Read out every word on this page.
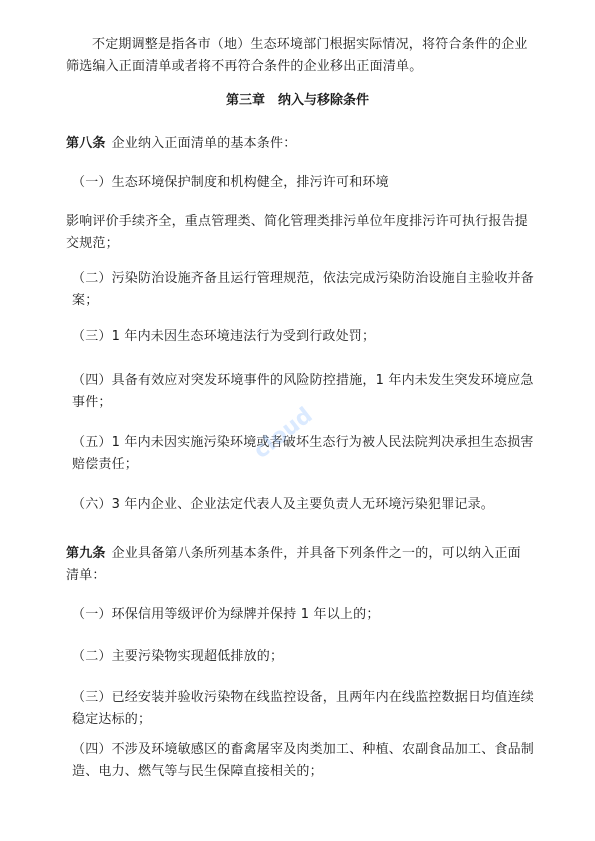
不定期调整是指各市（地）生态环境部门根据实际情况，将符合条件的企业筛选编入正面清单或者将不再符合条件的企业移出正面清单。

第三章　纳入与移除条件

第八条 企业纳入正面清单的基本条件：

（一）生态环境保护制度和机构健全，排污许可和环境

影响评价手续齐全，重点管理类、简化管理类排污单位年度排污许可执行报告提交规范；

（二）污染防治设施齐备且运行管理规范，依法完成污染防治设施自主验收并备案；

（三）1 年内未因生态环境违法行为受到行政处罚；

（四）具备有效应对突发环境事件的风险防控措施，1 年内未发生突发环境应急事件；

（五）1 年内未因实施污染环境或者破坏生态行为被人民法院判决承担生态损害赔偿责任；

（六）3 年内企业、企业法定代表人及主要负责人无环境污染犯罪记录。

第九条 企业具备第八条所列基本条件，并具备下列条件之一的，可以纳入正面清单：

（一）环保信用等级评价为绿牌并保持 1 年以上的；

（二）主要污染物实现超低排放的；

（三）已经安装并验收污染物在线监控设备，且两年内在线监控数据日均值连续稳定达标的；

（四）不涉及环境敏感区的畜禽屠宰及肉类加工、种植、农副食品加工、食品制造、电力、燃气等与民生保障直接相关的；

cloud
